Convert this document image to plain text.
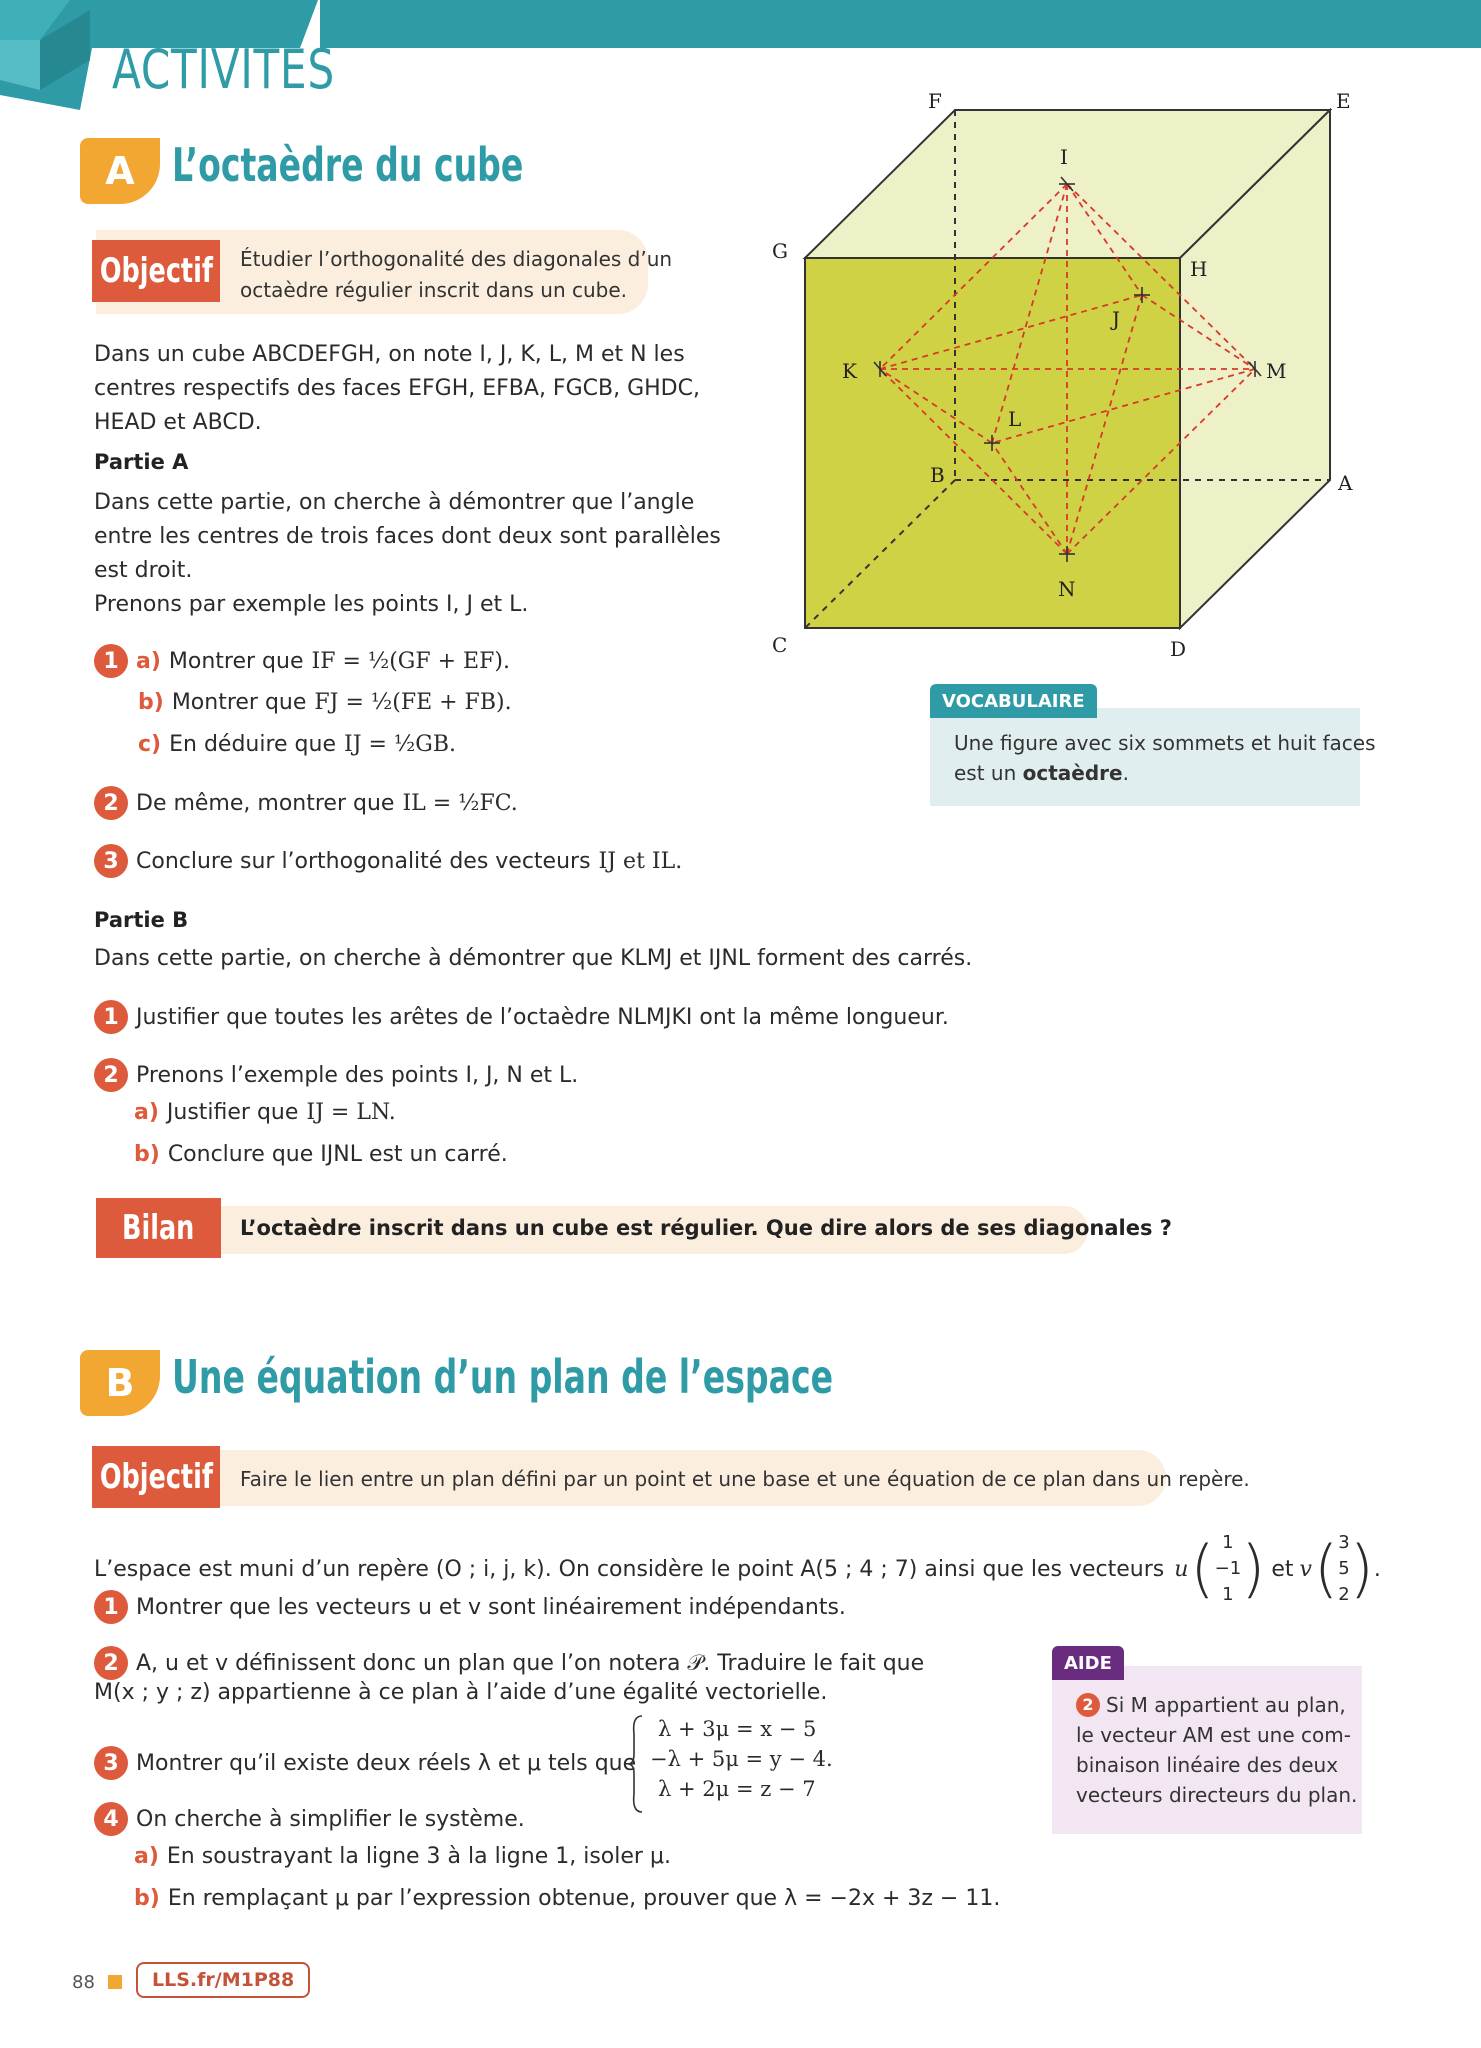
ACTIVITÉS
A L’octaèdre du cube
Objectif Étudier l’orthogonalité des diagonales d’un
octaèdre régulier inscrit dans un cube.
Dans un cube ABCDEFGH, on note I, J, K, L, M et N les
centres respectifs des faces EFGH, EFBA, FGCB, GHDC,
HEAD et ABCD.
Partie A
Dans cette partie, on cherche à démontrer que l’angle
entre les centres de trois faces dont deux sont parallèles
est droit.
Prenons par exemple les points I, J et L.
1 a) Montrer que IF = ½(GF + EF).
b) Montrer que FJ = ½(FE + FB).
c) En déduire que IJ = ½GB.
2 De même, montrer que IL = ½FC.
3 Conclure sur l’orthogonalité des vecteurs IJ et IL.
Partie B
Dans cette partie, on cherche à démontrer que KLMJ et IJNL forment des carrés.
1 Justifier que toutes les arêtes de l’octaèdre NLMJKI ont la même longueur.
2 Prenons l’exemple des points I, J, N et L.
a) Justifier que IJ = LN.
b) Conclure que IJNL est un carré.
Bilan L’octaèdre inscrit dans un cube est régulier. Que dire alors de ses diagonales ?
F	E
G
H
B	A
C	D
I
J
K
L
M
N
VOCABULAIRE
Une figure avec six sommets et huit faces
est un octaèdre.
B Une équation d’un plan de l’espace
Objectif Faire le lien entre un plan défini par un point et une base et une équation de ce plan dans un repère.
L’espace est muni d’un repère (O ; i, j, k). On considère le point A(5 ; 4 ; 7) ainsi que les vecteurs u ( 1
−1
1 ) et v ( 3
5
2 ) .
1 Montrer que les vecteurs u et v sont linéairement indépendants.
2 A, u et v définissent donc un plan que l’on notera 𝒫. Traduire le fait que
M(x ; y ; z) appartienne à ce plan à l’aide d’une égalité vectorielle.
3 Montrer qu’il existe deux réels λ et μ tels que
λ + 3μ = x − 5
−λ + 5μ = y − 4.
λ + 2μ = z − 7
4 On cherche à simplifier le système.
a) En soustrayant la ligne 3 à la ligne 1, isoler μ.
b) En remplaçant μ par l’expression obtenue, prouver que λ = −2x + 3z − 11.
AIDE
2 Si M appartient au plan,
le vecteur AM est une com-
binaison linéaire des deux
vecteurs directeurs du plan.
88	LLS.fr/M1P88
